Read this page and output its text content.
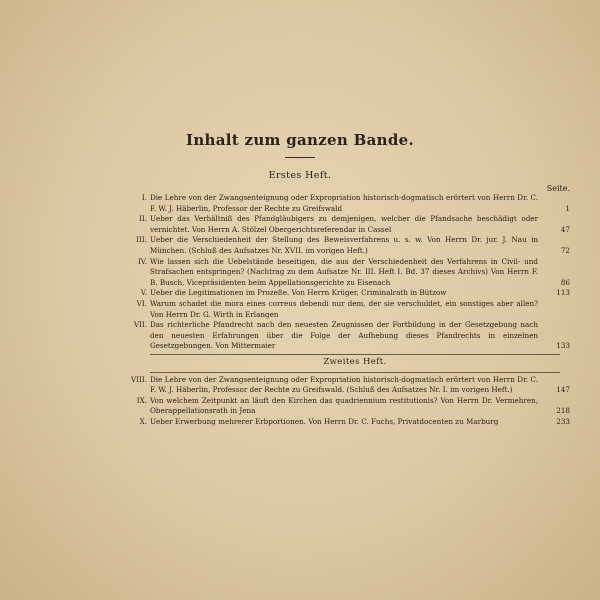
Inhalt zum ganzen Bande.
Erstes Heft.
Seite.
I. Die Lehre von der Zwangsenteignung oder Expropriation historisch-dogmatisch erörtert von Herrn Dr. C. F. W. J. Häberlin, Professor der Rechte zu Greifswald	1
II. Ueber das Verhältniß des Pfandgläubigers zu demjenigen, welcher die Pfandsache beschädigt oder vernichtet. Von Herrn A. Stölzel Obergerichtsreferendar in Cassel	47
III. Ueber die Verschiedenheit der Stellung des Beweisverfahrens u. s. w. Von Herrn Dr. jur. J. Nau in München. (Schluß des Aufsatzes Nr. XVII. im vorigen Heft.)	72
IV. Wie lassen sich die Uebelstände beseitigen, die aus der Verschiedenheit des Verfahrens in Civil- und Strafsachen entspringen? (Nachtrag zu dem Aufsatze Nr. III. Heft I. Bd. 37 dieses Archivs) Von Herrn F. B. Busch, Vicepräsidenten beim Appellationsgerichte zu Eisenach	86
V. Ueber die Legitimationen im Prozeße. Von Herrn Krüger, Criminalrath in Bützow	113
VI. Warum schadet die mora eines correus debendi nur dem, der sie verschuldet, ein sonstiges aber allen? Von Herrn Dr. G. Wirth in Erlangen
VII. Das richterliche Pfandrecht nach den neuesten Zeugnissen der Fortbildung in der Gesetzgebung nach den neuesten Erfahrungen über die Folge der Aufhebung dieses Pfandrechts in einzelnen Gesetzgebungen. Von Mittermaier	133
Zweites Heft.
VIII. Die Lehre von der Zwangsenteignung oder Expropriation historisch-dogmatisch erörtert von Herrn Dr. C. F. W. J. Häberlin, Professor der Rechte zu Greifswald. (Schluß des Aufsatzes Nr. I. im vorigen Heft.)	147
IX. Von welchem Zeitpunkt an läuft den Kirchen das quadriennium restitutionis? Von Herrn Dr. Vermehren, Oberappellationsrath in Jena	218
X. Ueber Erwerbung mehrerer Erbportionen. Von Herrn Dr. C. Fuchs, Privatdocenten zu Marburg	233
